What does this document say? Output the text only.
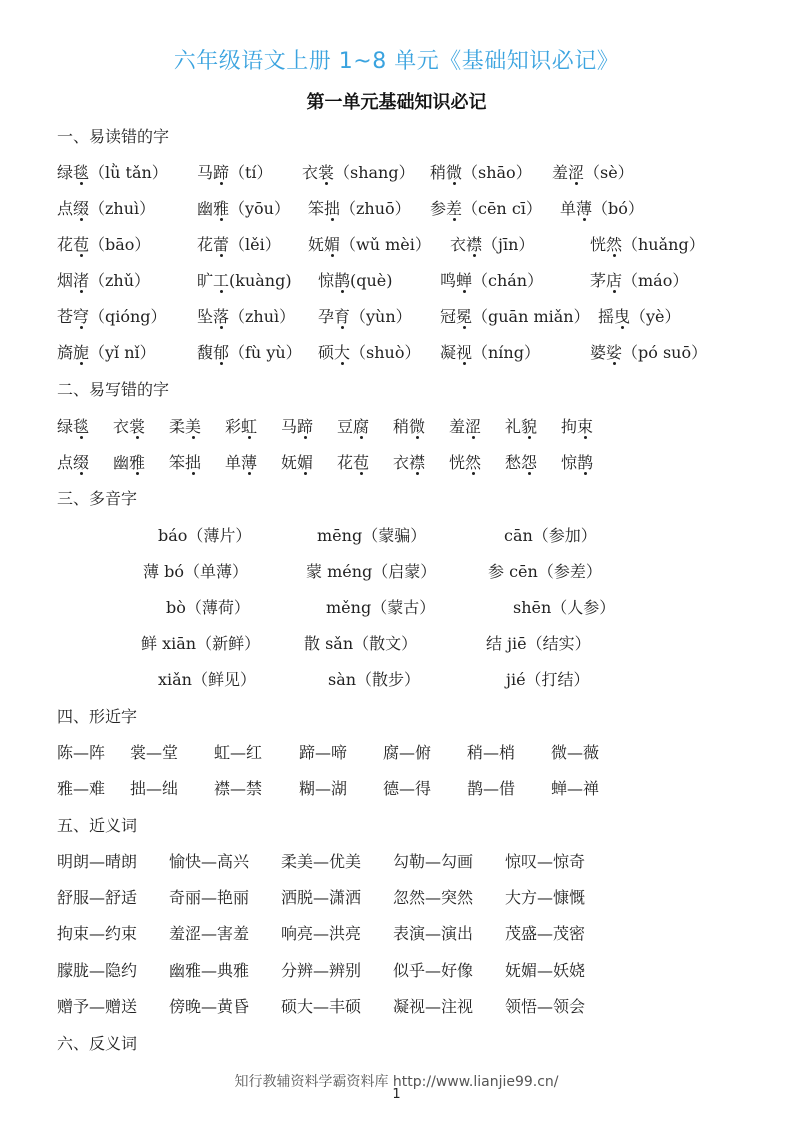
六年级语文上册 1~8 单元《基础知识必记》
第一单元基础知识必记
一、易读错的字
绿毯（lǜ tǎn） 马蹄（tí） 衣裳（shang） 稍微（shāo） 羞涩（sè）
点缀（zhuì）	幽雅（yōu） 笨拙（zhuō） 参差（cēn cī） 单薄（bó）
花苞（bāo）	花蕾（lěi） 妩媚（wǔ mèi） 衣襟（jīn）	恍然（huǎng）
烟渚（zhǔ）	旷工(kuàng) 惊鹊(què)	鸣蝉（chán）	茅店（máo）
苍穹（qióng） 坠落（zhuì） 孕育（yùn） 冠冕（guān miǎn） 摇曳（yè）
旖旎（yǐ nǐ）	馥郁（fù yù） 硕大（shuò） 凝视（níng）	婆娑（pó suō）
二、易写错的字
绿毯 衣裳 柔美 彩虹 马蹄 豆腐 稍微 羞涩 礼貌 拘束
点缀 幽雅 笨拙 单薄 妩媚 花苞 衣襟 恍然 愁怨 惊鹊
三、多音字
báo（薄片）	mēng（蒙骗）	cān（参加）
薄 bó（单薄）	蒙 méng（启蒙）	参 cēn（参差）
bò（薄荷）	měng（蒙古）	shēn（人参）
鲜 xiān（新鲜）	散 sǎn（散文）	结 jiē（结实）
xiǎn（鲜见）	sàn（散步）	jié（打结）
四、形近字
陈—阵 裳—堂 虹—红 蹄—啼 腐—俯 稍—梢 微—薇
雅—难 拙—绌 襟—禁 糊—湖 德—得 鹊—借 蝉—禅
五、近义词
明朗—晴朗 愉快—高兴 柔美—优美 勾勒—勾画 惊叹—惊奇
舒服—舒适 奇丽—艳丽 洒脱—潇洒 忽然—突然 大方—慷慨
拘束—约束 羞涩—害羞 响亮—洪亮 表演—演出 茂盛—茂密
朦胧—隐约 幽雅—典雅 分辨—辨别 似乎—好像 妩媚—妖娆
赠予—赠送 傍晚—黄昏 硕大—丰硕 凝视—注视 领悟—领会
六、反义词
知行教辅资料学霸资料库 http://www.lianjie99.cn/
1
